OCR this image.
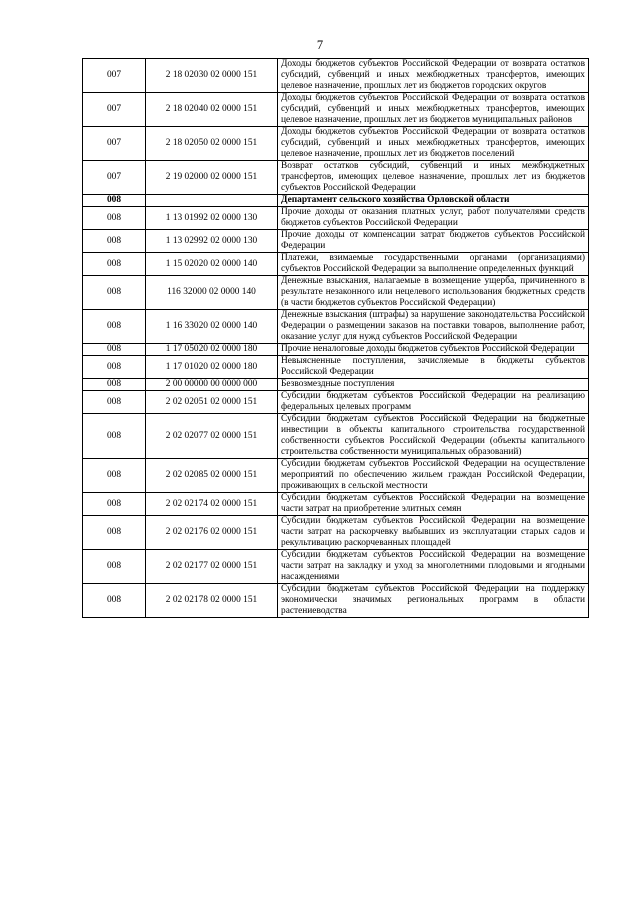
7
007	2 18 02030 02 0000 151	Доходы бюджетов субъектов Российской Федерации от возврата остатков субсидий, субвенций и иных межбюджетных трансфертов, имеющих целевое назначение, прошлых лет из бюджетов городских округов
007	2 18 02040 02 0000 151	Доходы бюджетов субъектов Российской Федерации от возврата остатков субсидий, субвенций и иных межбюджетных трансфертов, имеющих целевое назначение, прошлых лет из бюджетов муниципальных районов
007	2 18 02050 02 0000 151	Доходы бюджетов субъектов Российской Федерации от возврата остатков субсидий, субвенций и иных межбюджетных трансфертов, имеющих целевое назначение, прошлых лет из бюджетов поселений
007	2 19 02000 02 0000 151	Возврат остатков субсидий, субвенций и иных межбюджетных трансфертов, имеющих целевое назначение, прошлых лет из бюджетов субъектов Российской Федерации
008		Департамент сельского хозяйства Орловской области
008	1 13 01992 02 0000 130	Прочие доходы от оказания платных услуг, работ получателями средств бюджетов субъектов Российской Федерации
008	1 13 02992 02 0000 130	Прочие доходы от компенсации затрат бюджетов субъектов Российской Федерации
008	1 15 02020 02 0000 140	Платежи, взимаемые государственными органами (организациями) субъектов Российской Федерации за выполнение определенных функций
008	116 32000 02 0000 140	Денежные взыскания, налагаемые в возмещение ущерба, причиненного в результате незаконного или нецелевого использования бюджетных средств (в части бюджетов субъектов Российской Федерации)
008	1 16 33020 02 0000 140	Денежные взыскания (штрафы) за нарушение законодательства Российской Федерации о размещении заказов на поставки товаров, выполнение работ, оказание услуг для нужд субъектов Российской Федерации
008	1 17 05020 02 0000 180	Прочие неналоговые доходы бюджетов субъектов Российской Федерации
008	1 17 01020 02 0000 180	Невыясненные поступления, зачисляемые в бюджеты субъектов Российской Федерации
008	2 00 00000 00 0000 000	Безвозмездные поступления
008	2 02 02051 02 0000 151	Субсидии бюджетам субъектов Российской Федерации на реализацию федеральных целевых программ
008	2 02 02077 02 0000 151	Субсидии бюджетам субъектов Российской Федерации на бюджетные инвестиции в объекты капитального строительства государственной собственности субъектов Российской Федерации (объекты капитального строительства собственности муниципальных образований)
008	2 02 02085 02 0000 151	Субсидии бюджетам субъектов Российской Федерации на осуществление мероприятий по обеспечению жильем граждан Российской Федерации, проживающих в сельской местности
008	2 02 02174 02 0000 151	Субсидии бюджетам субъектов Российской Федерации на возмещение части затрат на приобретение элитных семян
008	2 02 02176 02 0000 151	Субсидии бюджетам субъектов Российской Федерации на возмещение части затрат на раскорчевку выбывших из эксплуатации старых садов и рекультивацию раскорчеванных площадей
008	2 02 02177 02 0000 151	Субсидии бюджетам субъектов Российской Федерации на возмещение части затрат на закладку и уход за многолетними плодовыми и ягодными насаждениями
008	2 02 02178 02 0000 151	Субсидии бюджетам субъектов Российской Федерации на поддержку экономически значимых региональных программ в области растениеводства
